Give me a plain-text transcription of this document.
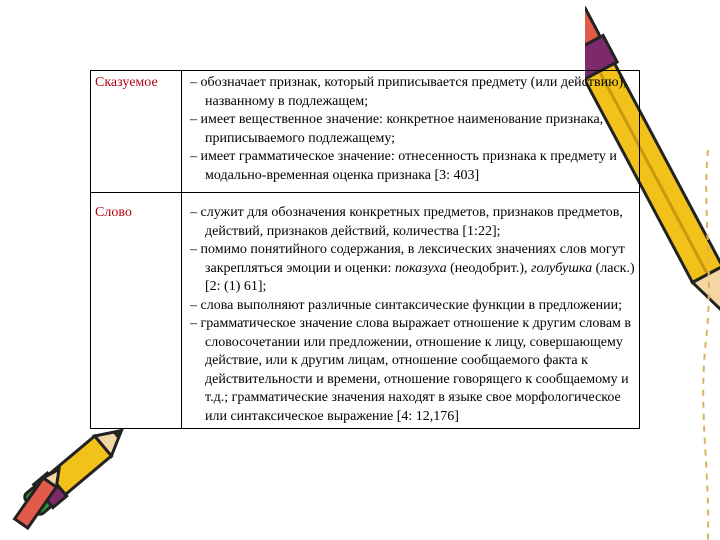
Сказуемое	– обозначает признак, который приписывается предмету (или действию), названному в подлежащем;

– имеет вещественное значение: конкретное наименование признака, приписываемого подлежащему;

– имеет грамматическое значение: отнесенность признака к предмету и модально-временная оценка признака [3: 403]

Слово	– служит для обозначения конкретных предметов, признаков предметов, действий, признаков действий, количества [1:22];

– помимо понятийного содержания, в лексических значениях слов могут закрепляться эмоции и оценки: показуха (неодобрит.), голубушка (ласк.) [2: (1) 61];

– слова выполняют различные синтаксические функции в предложении;

– грамматическое значение слова выражает отношение к другим словам в словосочетании или предложении, отношение к лицу, совершающему действие, или к другим лицам, отношение сообщаемого факта к действительности и времени, отношение говорящего к сообщаемому и т.д.; грамматические значения находят в языке свое морфологическое или синтаксическое выражение [4: 12,176]
